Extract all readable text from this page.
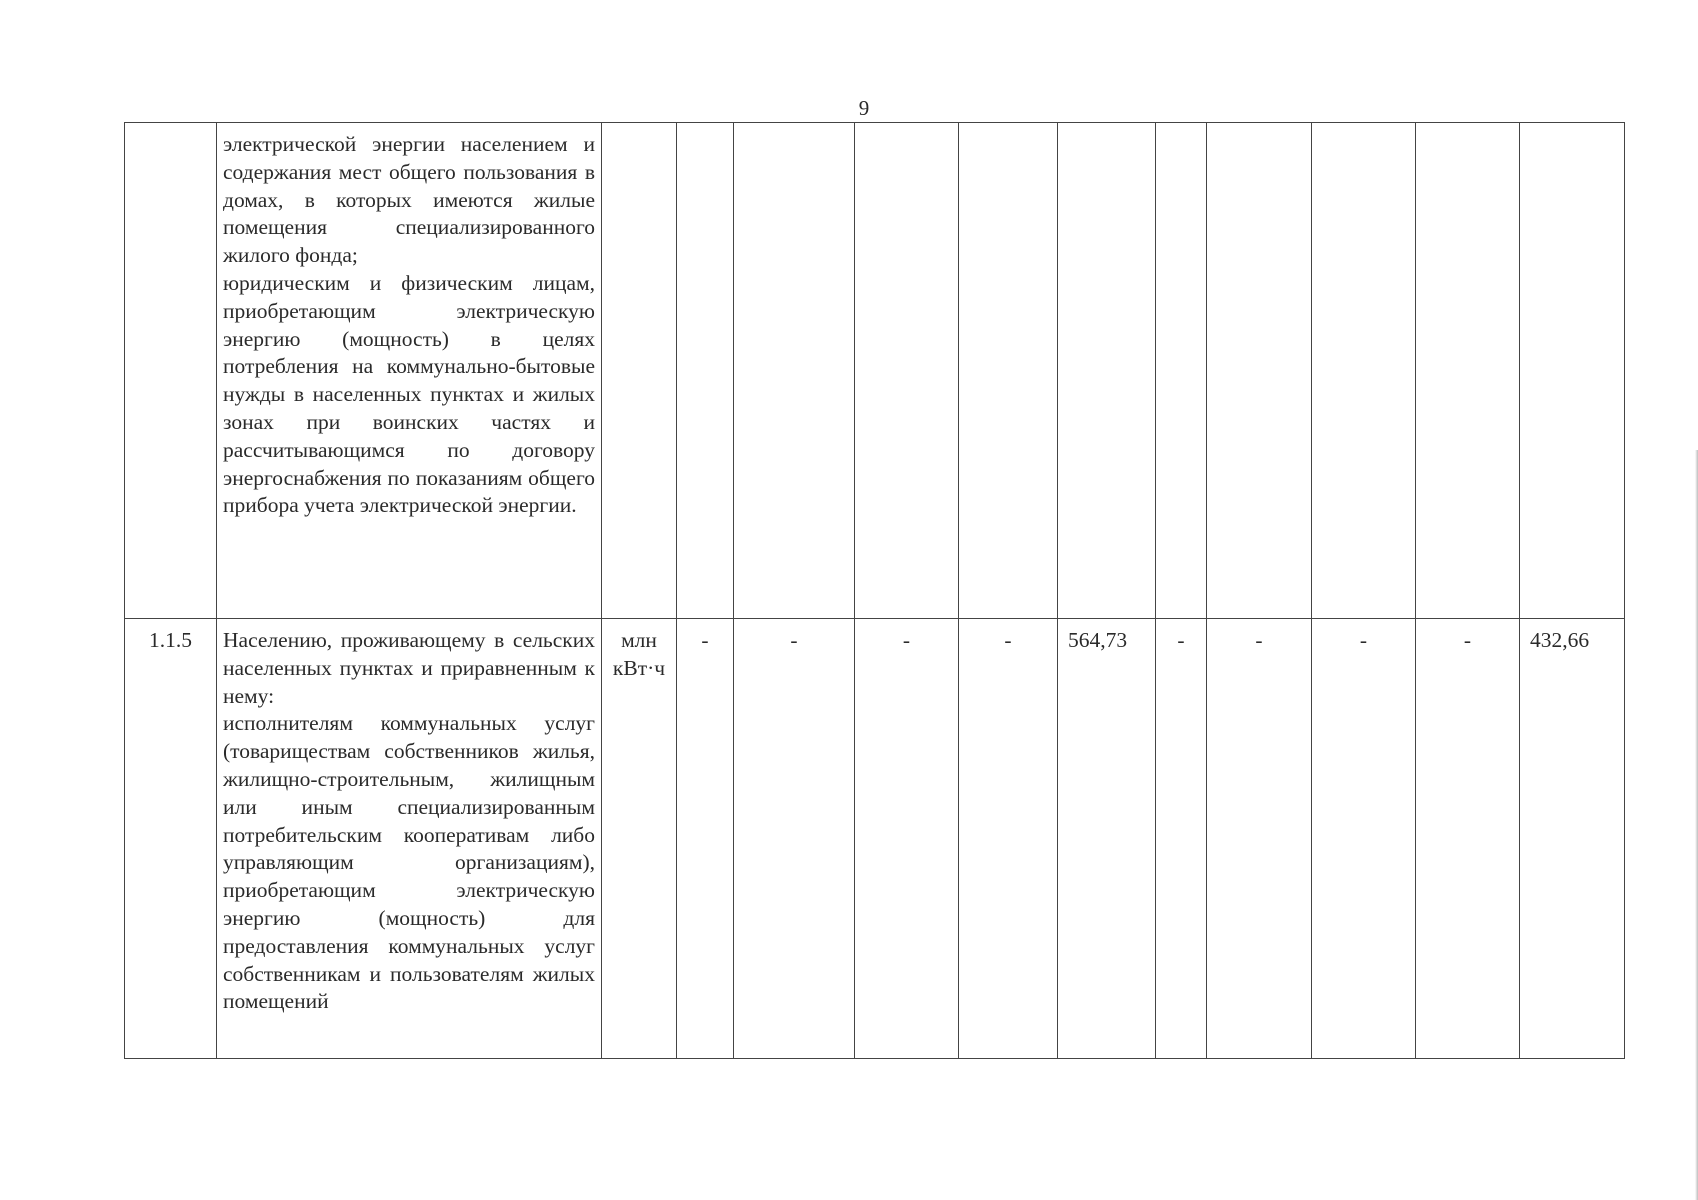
9

	электрической энергии населением и содержания мест общего пользования в домах, в которых имеются жилые помещения специализированного жилого фонда;
юридическим и физическим лицам, приобретающим электрическую энергию (мощность) в целях потребления на коммунально-бытовые нужды в населенных пунктах и жилых зонах при воинских частях и рассчитывающимся по договору энергоснабжения по показаниям общего прибора учета электрической энергии.											

1.1.5	Населению, проживающему в сельских населенных пунктах и приравненным к нему:
исполнителям коммунальных услуг (товариществам собственников жилья, жилищно-строительным, жилищным или иным специализированным потребительским кооперативам либо управляющим организациям), приобретающим электрическую энергию (мощность) для предоставления коммунальных услуг собственникам и пользователям жилых помещений	млн кВт·ч	-	-	-	-	564,73	-	-	-	-	432,66
